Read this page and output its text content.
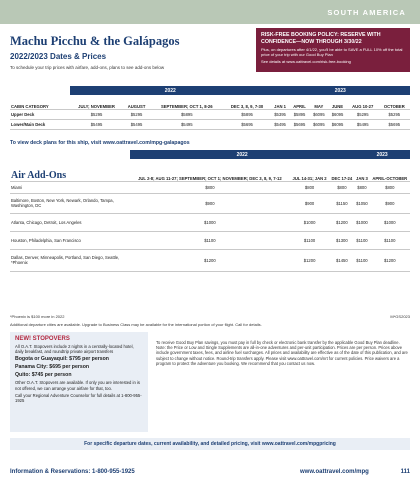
SOUTH AMERICA
Machu Picchu & the Galápagos
2022/2023 Dates & Prices
To schedule your trip prices with airfare, add-ons, plans to see add-ons below
RISK-FREE BOOKING POLICY: RESERVE WITH CONFIDENCE—NOW THROUGH 3/30/22
Plus, on departures after 4/1/22, you'll be able to SAVE a FULL 10% off the total price of your trip with our Good Buy Plan
See details at www.oattravel.com/risk-free-booking
	2022				2023					
CABIN CATEGORY	JULY; NOVEMBER	AUGUST	SEPTEMBER; OCT 1, 8-26	DEC 3, 8, 9, 7-30	JAN 1	APRIL	MAY	JUNE	AUG 10-27	OCTOBER
Upper Deck	$5295	$5295	$5895	$5895	$5395	$5895	$6095	$6095	$5295	$5295
Lower/Main Deck	$5495	$5495	$5495	$5695	$5495	$5695	$6095	$6095	$5495	$5695
To view deck plans for this ship, visit www.oattravel.com/mpg-galapagos
	2022			2023	
Air Add-Ons	JUL 2-8; AUG 11-27; SEPTEMBER; OCT 1; NOVEMBER; DEC 3, 8, 9, 7-12	JUL 14-31; JAN 2	DEC 17-24	JAN 3	APRIL-OCTOBER
Miami	$800	$800	$800	$800	$800
Baltimore, Boston, New York, Newark, Orlando, Tampa, Washington, DC	$900	$900	$1150	$1050	$900
Atlanta, Chicago, Detroit, Los Angeles	$1000	$1000	$1200	$1000	$1000
Houston, Philadelphia, San Francisco	$1100	$1100	$1300	$1100	$1100
Dallas, Denver, Minneapolis, Portland, San Diego, Seattle, *Phoenix	$1200	$1200	$1450	$1100	$1200
*Phoenix is $100 more in 2022	M*GS2023
Additional departure cities are available. Upgrade to Business Class may be available for the international portion of your flight. Call for details.
NEW! STOPOVERS

All O.A.T. Stopovers include 2 nights in a centrally-located hotel, daily breakfast, and roundtrip private airport transfers

Bogota or Guayaquil: $795 per person
Panama City: $695 per person
Quito: $745 per person

Other O.A.T. Stopovers are available. If only you are interested in is not offered, we can arrange your airfare for that, too.

Call your Regional Adventure Counselor for full details at 1-800-955-1925

To receive Good Buy Plan savings, you must pay in full by check or electronic bank transfer by the applicable Good Buy Plan deadline. Note: the Price or Low and Single Supplements are all-in-one adventures and per-unit participation. Prices are per person. Prices above include government taxes, fees, and airline fuel surcharges. All prices and availability are effective as of the date of this publication, and are subject to change without notice. Round-trip transfers apply. Please visit www.oattravel.com/nrt for current policies. Price waivers are a program to protect the adventure you booking. We recommend that you contact us now.
For specific departure dates, current availability, and detailed pricing, visit www.oattravel.com/mpgpricing
Information & Reservations: 1-800-955-1925	www.oattravel.com/mpg	111
